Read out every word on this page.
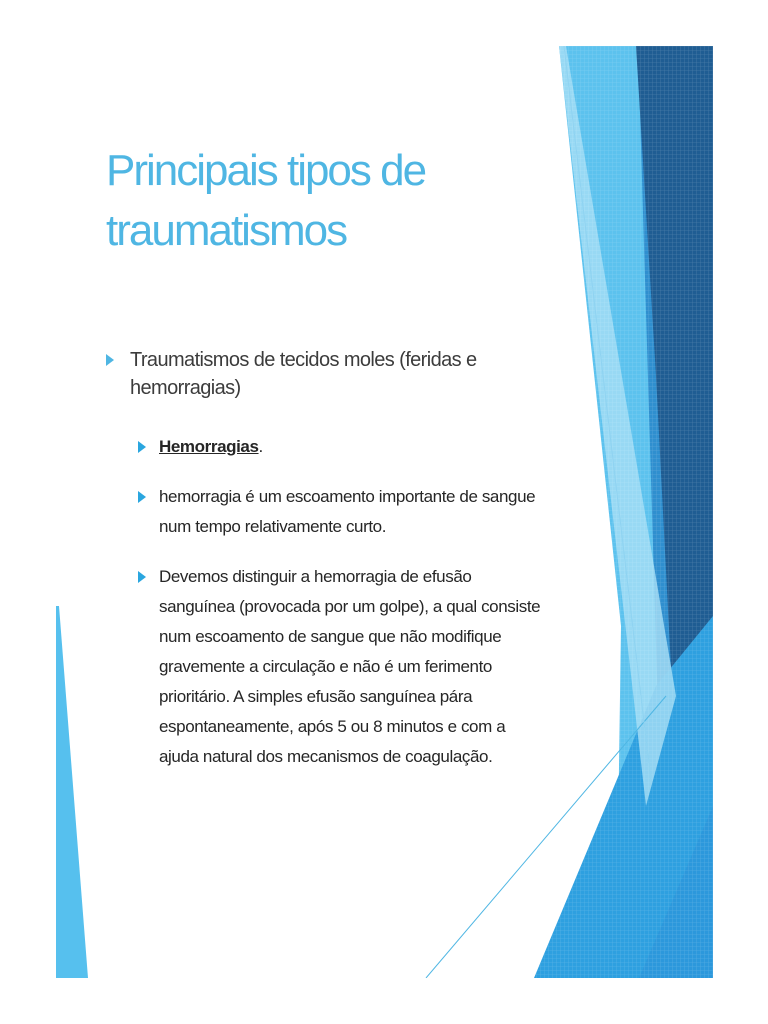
Principais tipos de
traumatismos
Traumatismos de tecidos moles (feridas e hemorragias)
Hemorragias.
hemorragia é um escoamento importante de sangue num tempo relativamente curto.
Devemos distinguir a hemorragia de efusão sanguínea (provocada por um golpe), a qual consiste num escoamento de sangue que não modifique gravemente a circulação e não é um ferimento prioritário. A simples efusão sanguínea pára espontaneamente, após 5 ou 8 minutos e com a ajuda natural dos mecanismos de coagulação.
